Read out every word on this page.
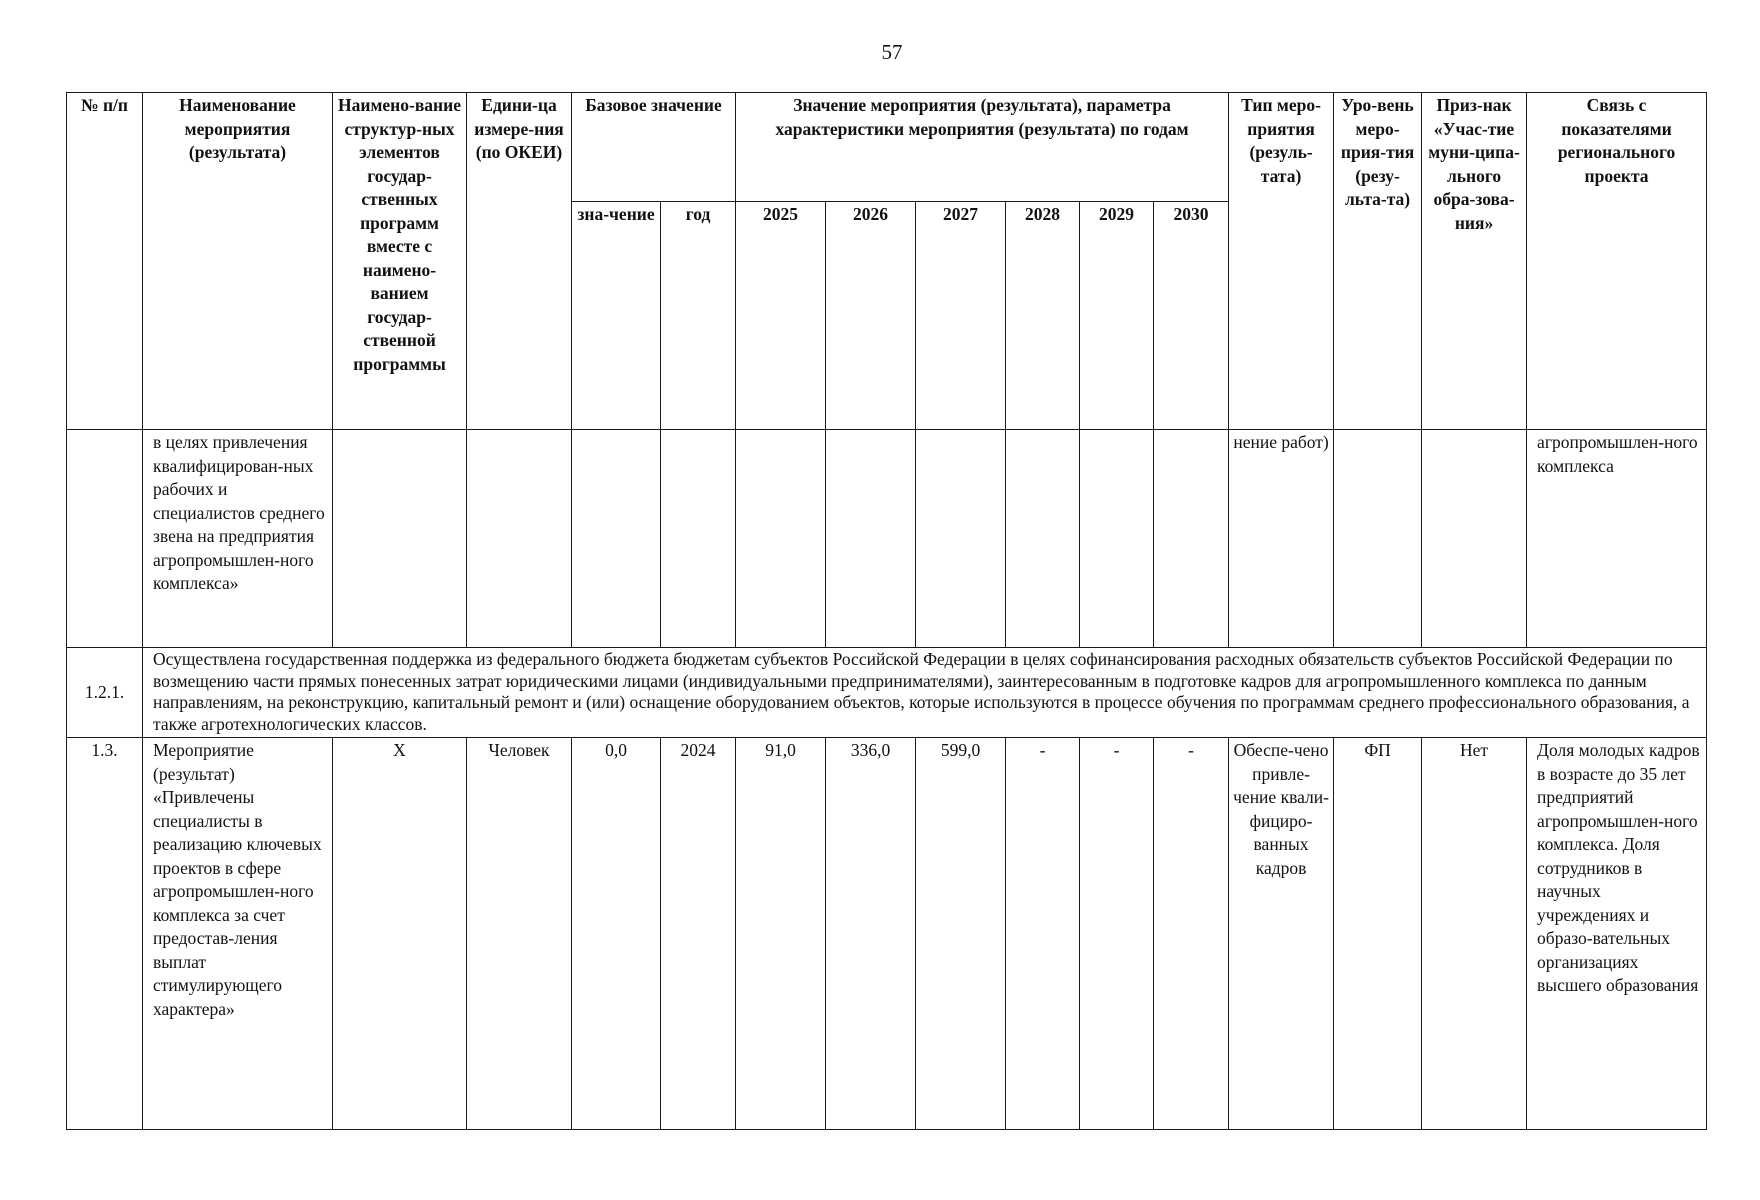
57
№ п/п	Наименование мероприятия (результата)	Наимено-вание структур-ных элементов государ-ственных программ вместе с наимено-ванием государ-ственной программы	Едини-ца измере-ния (по ОКЕИ)	Базовое значение		Значение мероприятия (результата), параметра характеристики мероприятия (результата) по годам						Тип меро-приятия (резуль-тата)	Уро-вень меро-прия-тия (резу-льта-та)	Приз-нак «Учас-тие муни-ципа-льного обра-зова-ния»	Связь с показателями регионального проекта

				зна-чение	год	2025	2026	2027	2028	2029	2030				
	в целях привлечения квалифицирован-ных рабочих и специалистов среднего звена на предприятия агропромышлен-ного комплекса»											нение работ)			агропромышлен-ного комплекса
1.2.1.	Осуществлена государственная поддержка из федерального бюджета бюджетам субъектов Российской Федерации в целях софинансирования расходных обязательств субъектов Российской Федерации по возмещению части прямых понесенных затрат юридическими лицами (индивидуальными предпринимателями), заинтересованным в подготовке кадров для агропромышленного комплекса по данным направлениям, на реконструкцию, капитальный ремонт и (или) оснащение оборудованием объектов, которые используются в процессе обучения по программам среднего профессионального образования, а также агротехнологических классов.														
1.3.	Мероприятие (результат) «Привлечены специалисты в реализацию ключевых проектов в сфере агропромышлен-ного комплекса за счет предостав-ления выплат стимулирующего характера»	Х	Человек	0,0	2024	91,0	336,0	599,0	-	-	-	Обеспе-чено привле-чение квали-фициро-ванных кадров	ФП	Нет	Доля молодых кадров в возрасте до 35 лет предприятий агропромышлен-ного комплекса. Доля сотрудников в научных учреждениях и образо-вательных организациях высшего образования
